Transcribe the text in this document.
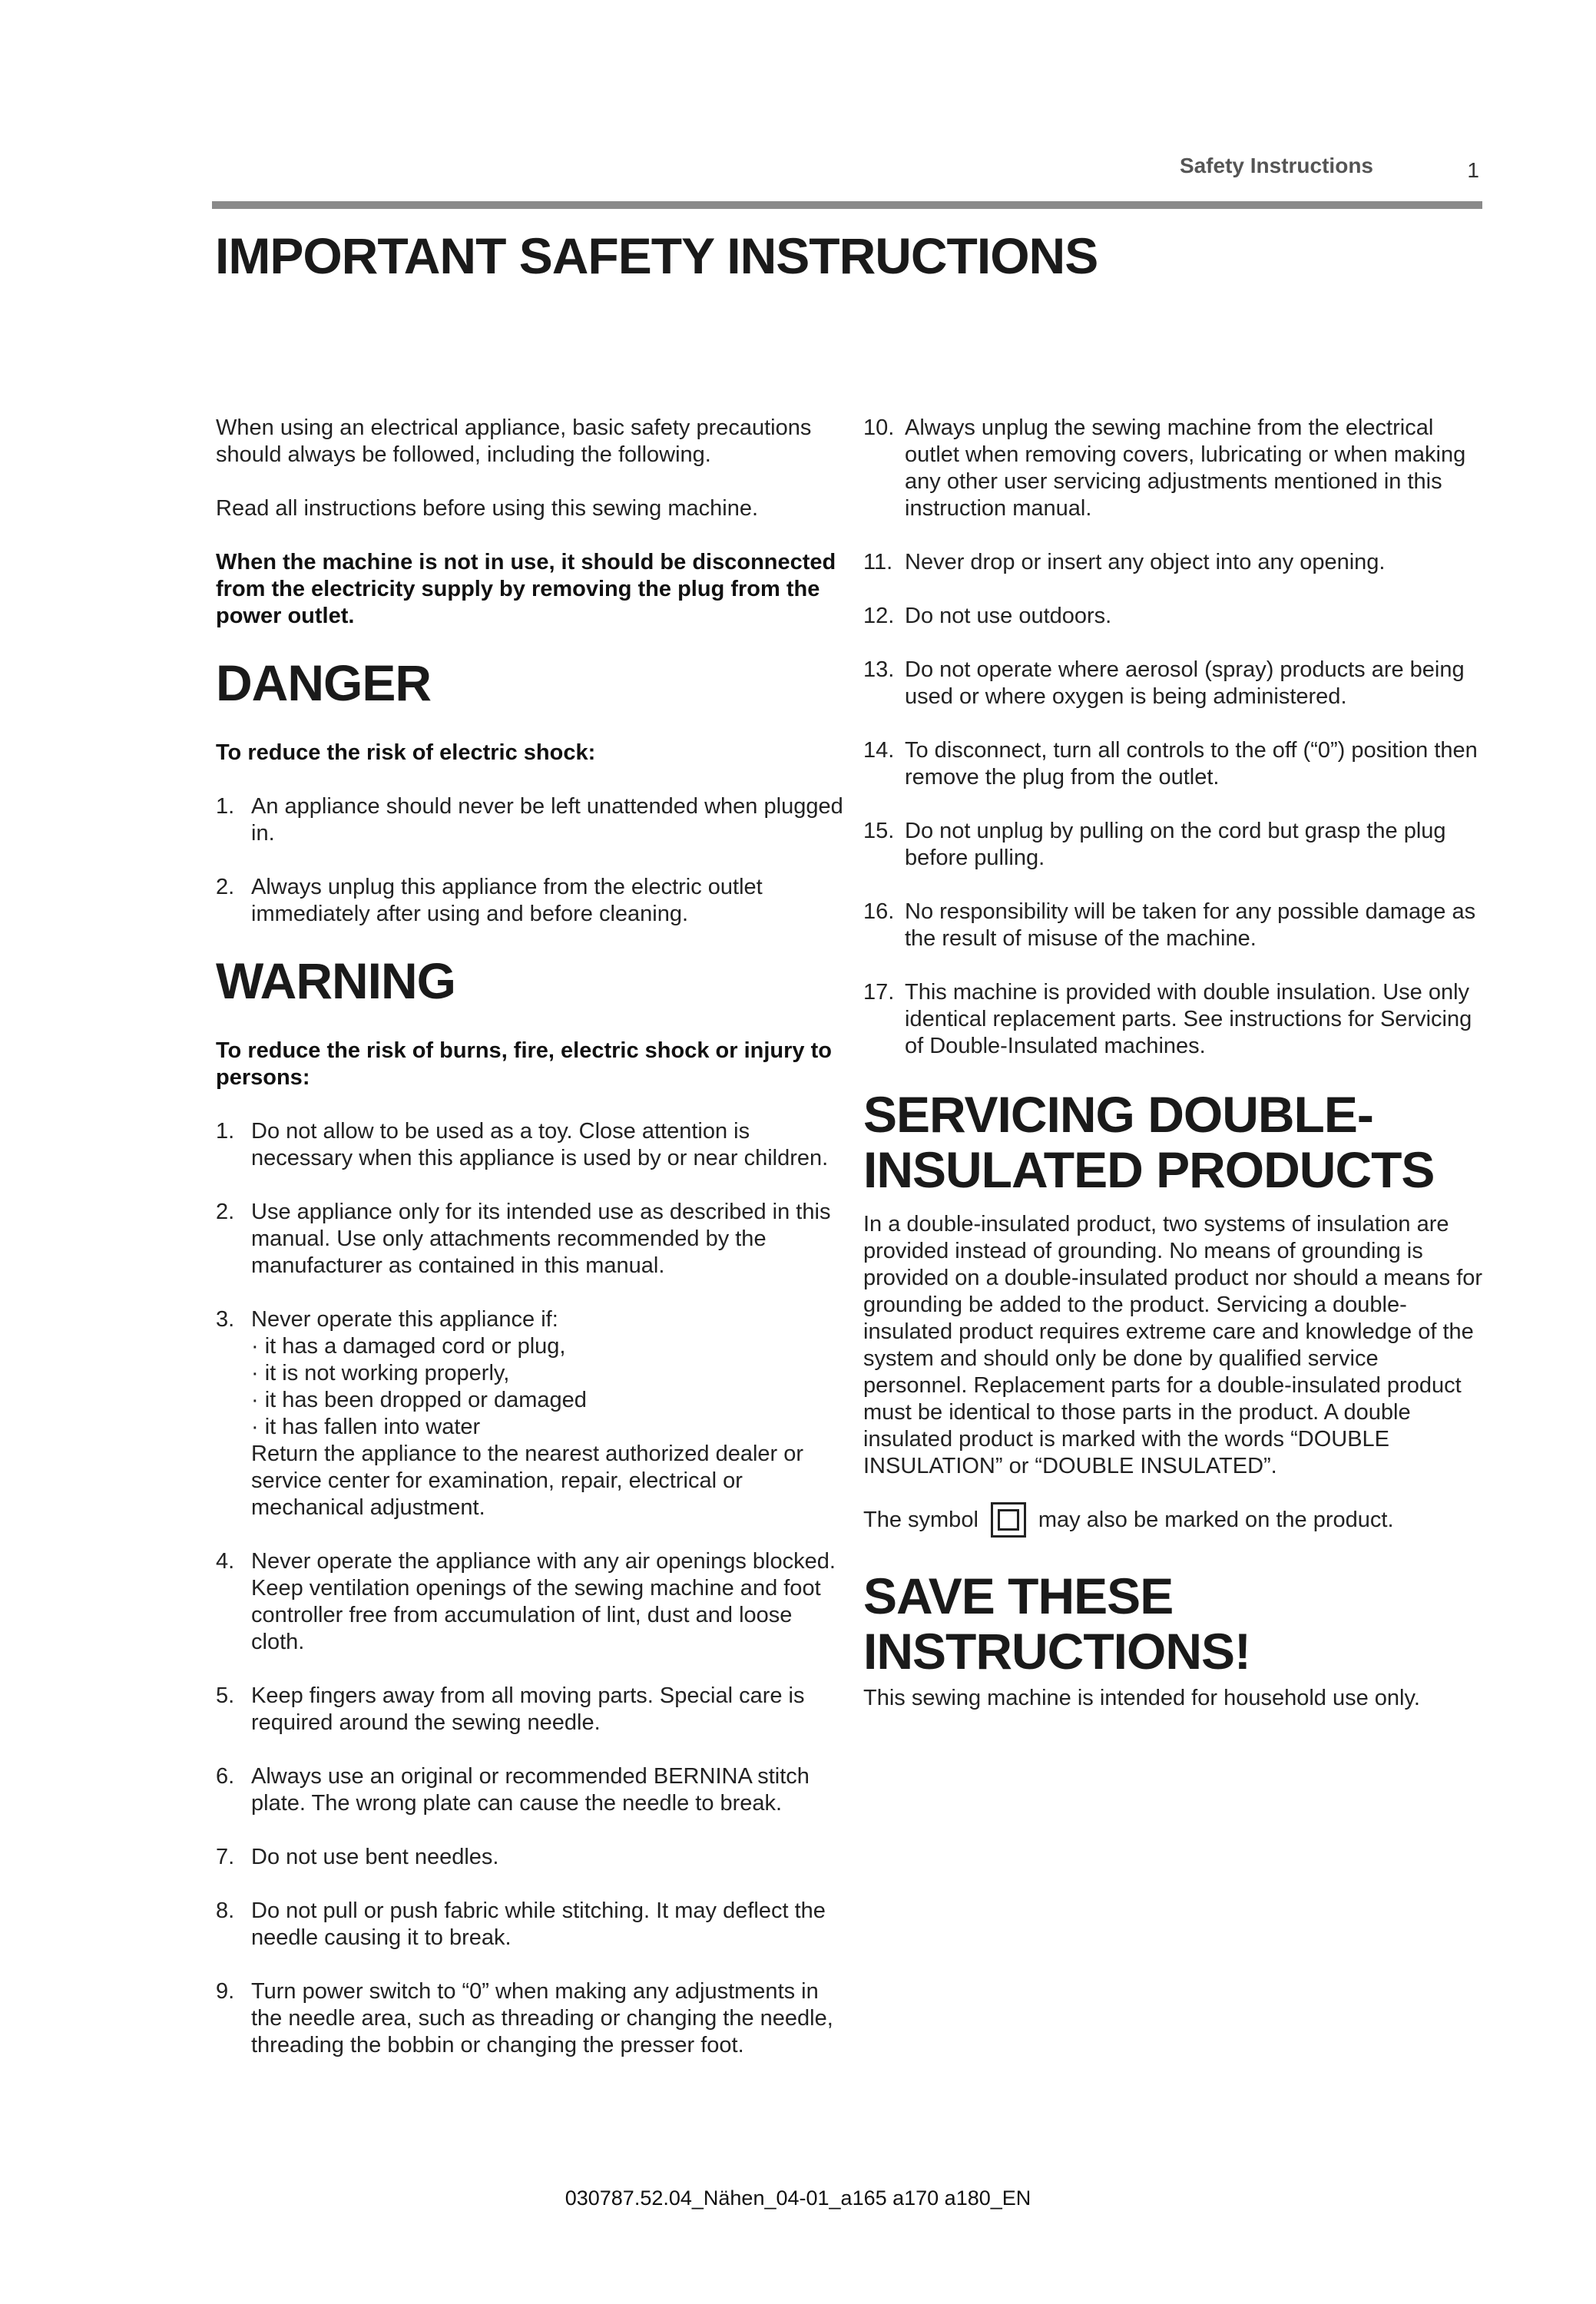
Safety Instructions	1
IMPORTANT SAFETY INSTRUCTIONS

When using an electrical appliance, basic safety precautions should always be followed, including the following.

Read all instructions before using this sewing machine.

When the machine is not in use, it should be disconnected from the electricity supply by removing the plug from the power outlet.

DANGER

To reduce the risk of electric shock:

1. An appliance should never be left unattended when plugged in.
2. Always unplug this appliance from the electric outlet immediately after using and before cleaning.
WARNING

To reduce the risk of burns, fire, electric shock or injury to persons:

1. Do not allow to be used as a toy. Close attention is necessary when this appliance is used by or near children.
2. Use appliance only for its intended use as described in this manual. Use only attachments recommended by the manufacturer as contained in this manual.
3. Never operate this appliance if:
· it has a damaged cord or plug,
· it is not working properly,
· it has been dropped or damaged
· it has fallen into water
Return the appliance to the nearest authorized dealer or service center for examination, repair, electrical or mechanical adjustment.
4. Never operate the appliance with any air openings blocked. Keep ventilation openings of the sewing machine and foot controller free from accumulation of lint, dust and loose cloth.
5. Keep fingers away from all moving parts. Special care is required around the sewing needle.
6. Always use an original or recommended BERNINA stitch plate. The wrong plate can cause the needle to break.
7. Do not use bent needles.
8. Do not pull or push fabric while stitching. It may deflect the needle causing it to break.
9. Turn power switch to “0” when making any adjustments in the needle area, such as threading or changing the needle, threading the bobbin or changing the presser foot.
10. Always unplug the sewing machine from the electrical outlet when removing covers, lubricating or when making any other user servicing adjustments mentioned in this instruction manual.
11. Never drop or insert any object into any opening.
12. Do not use outdoors.
13. Do not operate where aerosol (spray) products are being used or where oxygen is being administered.
14. To disconnect, turn all controls to the off (“0”) position then remove the plug from the outlet.
15. Do not unplug by pulling on the cord but grasp the plug before pulling.
16. No responsibility will be taken for any possible damage as the result of misuse of the machine.
17. This machine is provided with double insulation. Use only identical replacement parts. See instructions for Servicing of Double-Insulated machines.
SERVICING DOUBLE-
INSULATED PRODUCTS

In a double-insulated product, two systems of insulation are provided instead of grounding. No means of grounding is provided on a double-insulated product nor should a means for grounding be added to the product. Servicing a double-insulated product requires extreme care and knowledge of the system and should only be done by qualified service personnel. Replacement parts for a double-insulated product must be identical to those parts in the product. A double insulated product is marked with the words “DOUBLE INSULATION” or “DOUBLE INSULATED”.

The symbol	may also be marked on the product.
SAVE THESE
INSTRUCTIONS!

This sewing machine is intended for household use only.

030787.52.04_Nähen_04-01_a165 a170 a180_EN
